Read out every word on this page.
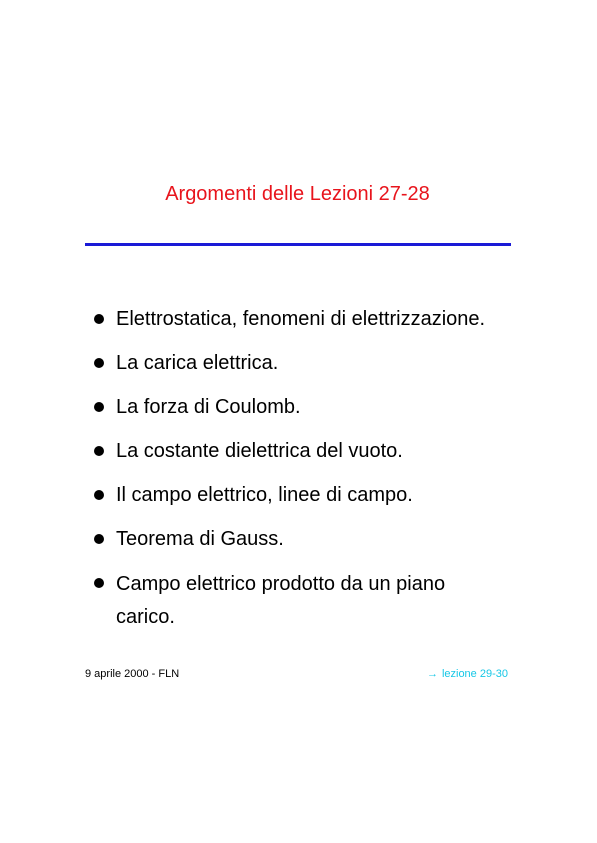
Argomenti delle Lezioni 27-28
Elettrostatica, fenomeni di elettrizzazione.
La carica elettrica.
La forza di Coulomb.
La costante dielettrica del vuoto.
Il campo elettrico, linee di campo.
Teorema di Gauss.
Campo elettrico prodotto da un piano carico.
9 aprile 2000 - FLN	→ lezione 29-30
